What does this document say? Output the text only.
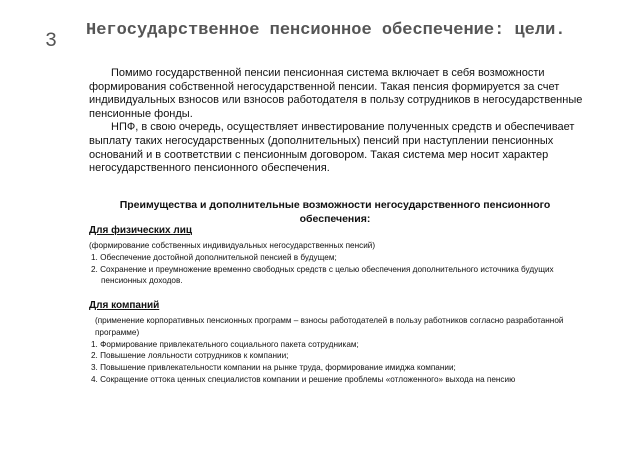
3 Негосударственное пенсионное обеспечение: цели.

Помимо государственной пенсии пенсионная система включает в себя возможности формирования собственной негосударственной пенсии. Такая пенсия формируется за счет индивидуальных взносов или взносов работодателя в пользу сотрудников в негосударственные пенсионные фонды.

НПФ, в свою очередь, осуществляет инвестирование полученных средств и обеспечивает выплату таких негосударственных (дополнительных) пенсий при наступлении пенсионных оснований и в соответствии с пенсионным договором. Такая система мер носит характер негосударственного пенсионного обеспечения.

Преимущества и дополнительные возможности негосударственного пенсионного обеспечения:
Для физических лиц
(формирование собственных индивидуальных негосударственных пенсий)
1. Обеспечение достойной дополнительной пенсией в будущем;
2. Сохранение и преумножение временно свободных средств с целью обеспечения дополнительного источника будущих пенсионных доходов.
Для компаний
(применение корпоративных пенсионных программ – взносы работодателей в пользу работников согласно разработанной программе)
1. Формирование привлекательного социального пакета сотрудникам;
2. Повышение лояльности сотрудников к компании;
3. Повышение привлекательности компании на рынке труда, формирование имиджа компании;
4. Сокращение оттока ценных специалистов компании и решение проблемы «отложенного» выхода на пенсию
